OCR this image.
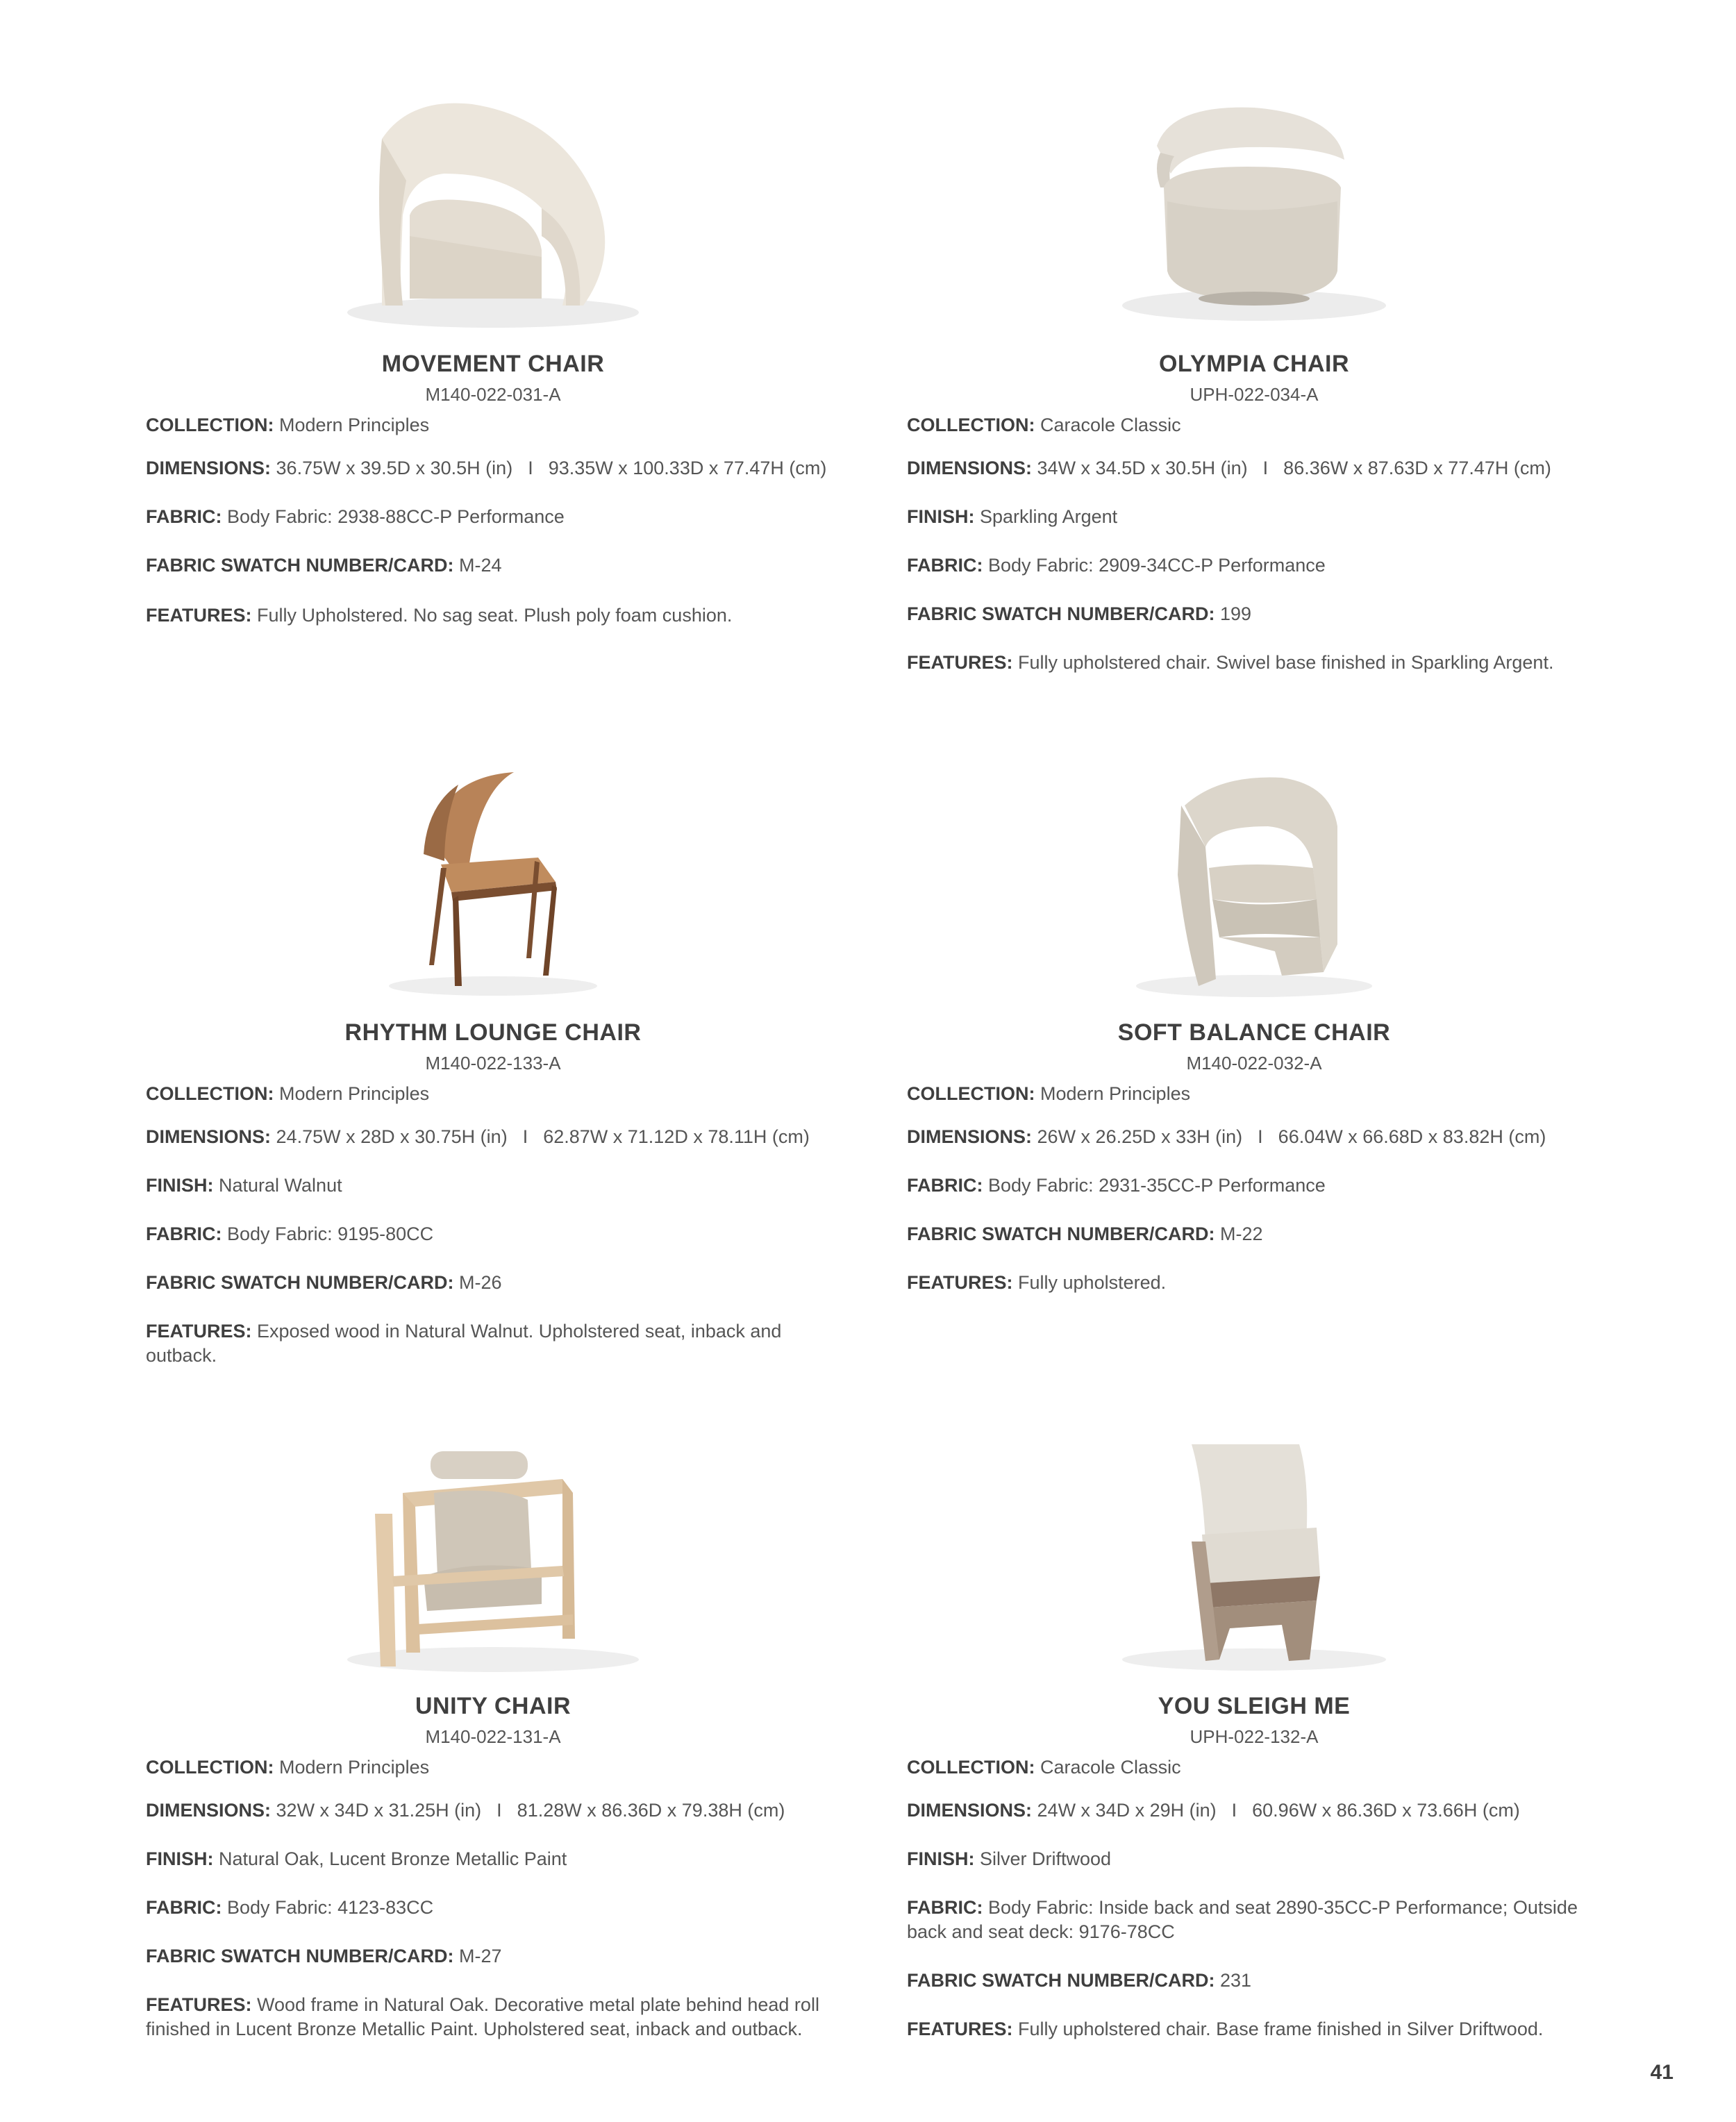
MOVEMENT CHAIR
M140-022-031-A
COLLECTION: Modern Principles
DIMENSIONS: 36.75W x 39.5D x 30.5H (in) I 93.35W x 100.33D x 77.47H (cm)
FABRIC: Body Fabric: 2938-88CC-P Performance
FABRIC SWATCH NUMBER/CARD: M-24
FEATURES: Fully Upholstered. No sag seat. Plush poly foam cushion.
OLYMPIA CHAIR
UPH-022-034-A
COLLECTION: Caracole Classic
DIMENSIONS: 34W x 34.5D x 30.5H (in) I 86.36W x 87.63D x 77.47H (cm)
FINISH: Sparkling Argent
FABRIC: Body Fabric: 2909-34CC-P Performance
FABRIC SWATCH NUMBER/CARD: 199
FEATURES: Fully upholstered chair. Swivel base finished in Sparkling Argent.
RHYTHM LOUNGE CHAIR
M140-022-133-A
COLLECTION: Modern Principles
DIMENSIONS: 24.75W x 28D x 30.75H (in) I 62.87W x 71.12D x 78.11H (cm)
FINISH: Natural Walnut
FABRIC: Body Fabric: 9195-80CC
FABRIC SWATCH NUMBER/CARD: M-26
FEATURES: Exposed wood in Natural Walnut. Upholstered seat, inback and outback.
SOFT BALANCE CHAIR
M140-022-032-A
COLLECTION: Modern Principles
DIMENSIONS: 26W x 26.25D x 33H (in) I 66.04W x 66.68D x 83.82H (cm)
FABRIC: Body Fabric: 2931-35CC-P Performance
FABRIC SWATCH NUMBER/CARD: M-22
FEATURES: Fully upholstered.
UNITY CHAIR
M140-022-131-A
COLLECTION: Modern Principles
DIMENSIONS: 32W x 34D x 31.25H (in) I 81.28W x 86.36D x 79.38H (cm)
FINISH: Natural Oak, Lucent Bronze Metallic Paint
FABRIC: Body Fabric: 4123-83CC
FABRIC SWATCH NUMBER/CARD: M-27
FEATURES: Wood frame in Natural Oak. Decorative metal plate behind head roll finished in Lucent Bronze Metallic Paint. Upholstered seat, inback and outback.
YOU SLEIGH ME
UPH-022-132-A
COLLECTION: Caracole Classic
DIMENSIONS: 24W x 34D x 29H (in) I 60.96W x 86.36D x 73.66H (cm)
FINISH: Silver Driftwood
FABRIC: Body Fabric: Inside back and seat 2890-35CC-P Performance; Outside back and seat deck: 9176-78CC
FABRIC SWATCH NUMBER/CARD: 231
FEATURES: Fully upholstered chair. Base frame finished in Silver Driftwood.
41
